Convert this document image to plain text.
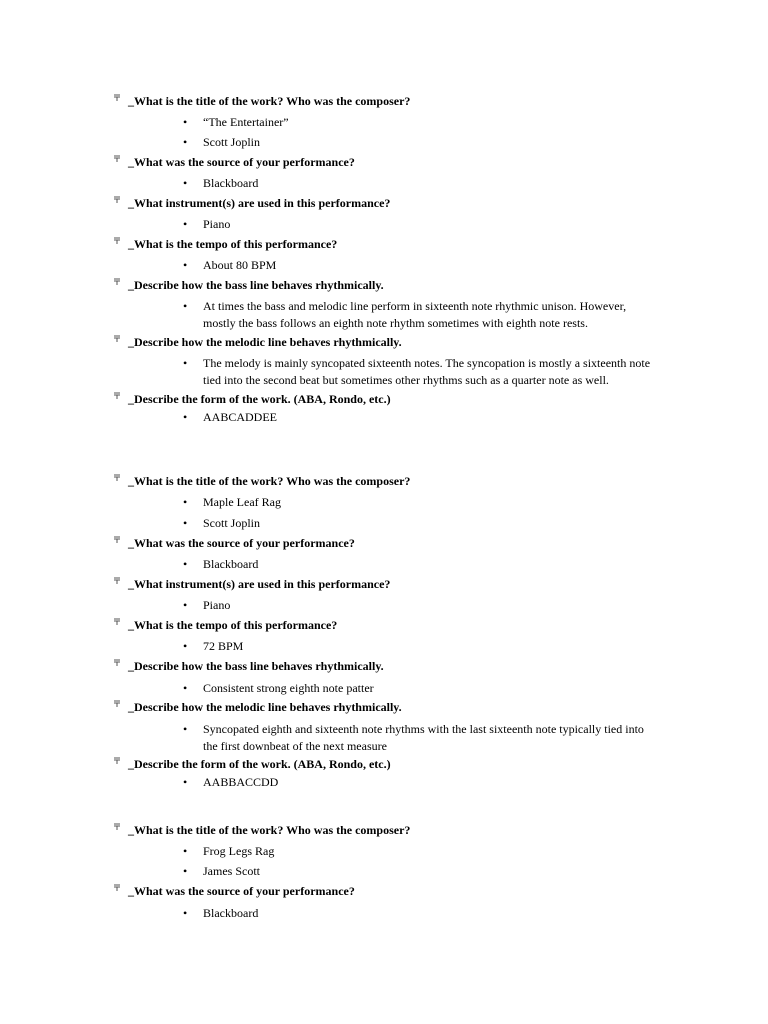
_What is the title of the work? Who was the composer?
• “The Entertainer”
• Scott Joplin
_What was the source of your performance?
• Blackboard
_What instrument(s) are used in this performance?
• Piano
_What is the tempo of this performance?
• About 80 BPM
_Describe how the bass line behaves rhythmically.
• At times the bass and melodic line perform in sixteenth note rhythmic unison. However, mostly the bass follows an eighth note rhythm sometimes with eighth note rests.
_Describe how the melodic line behaves rhythmically.
• The melody is mainly syncopated sixteenth notes. The syncopation is mostly a sixteenth note tied into the second beat but sometimes other rhythms such as a quarter note as well.
_Describe the form of the work. (ABA, Rondo, etc.)
• AABCADDEE
_What is the title of the work? Who was the composer?
• Maple Leaf Rag
• Scott Joplin
_What was the source of your performance?
• Blackboard
_What instrument(s) are used in this performance?
• Piano
_What is the tempo of this performance?
• 72 BPM
_Describe how the bass line behaves rhythmically.
• Consistent strong eighth note patter
_Describe how the melodic line behaves rhythmically.
• Syncopated eighth and sixteenth note rhythms with the last sixteenth note typically tied into the first downbeat of the next measure
_Describe the form of the work. (ABA, Rondo, etc.)
• AABBACCDD
_What is the title of the work? Who was the composer?
• Frog Legs Rag
• James Scott
_What was the source of your performance?
• Blackboard
